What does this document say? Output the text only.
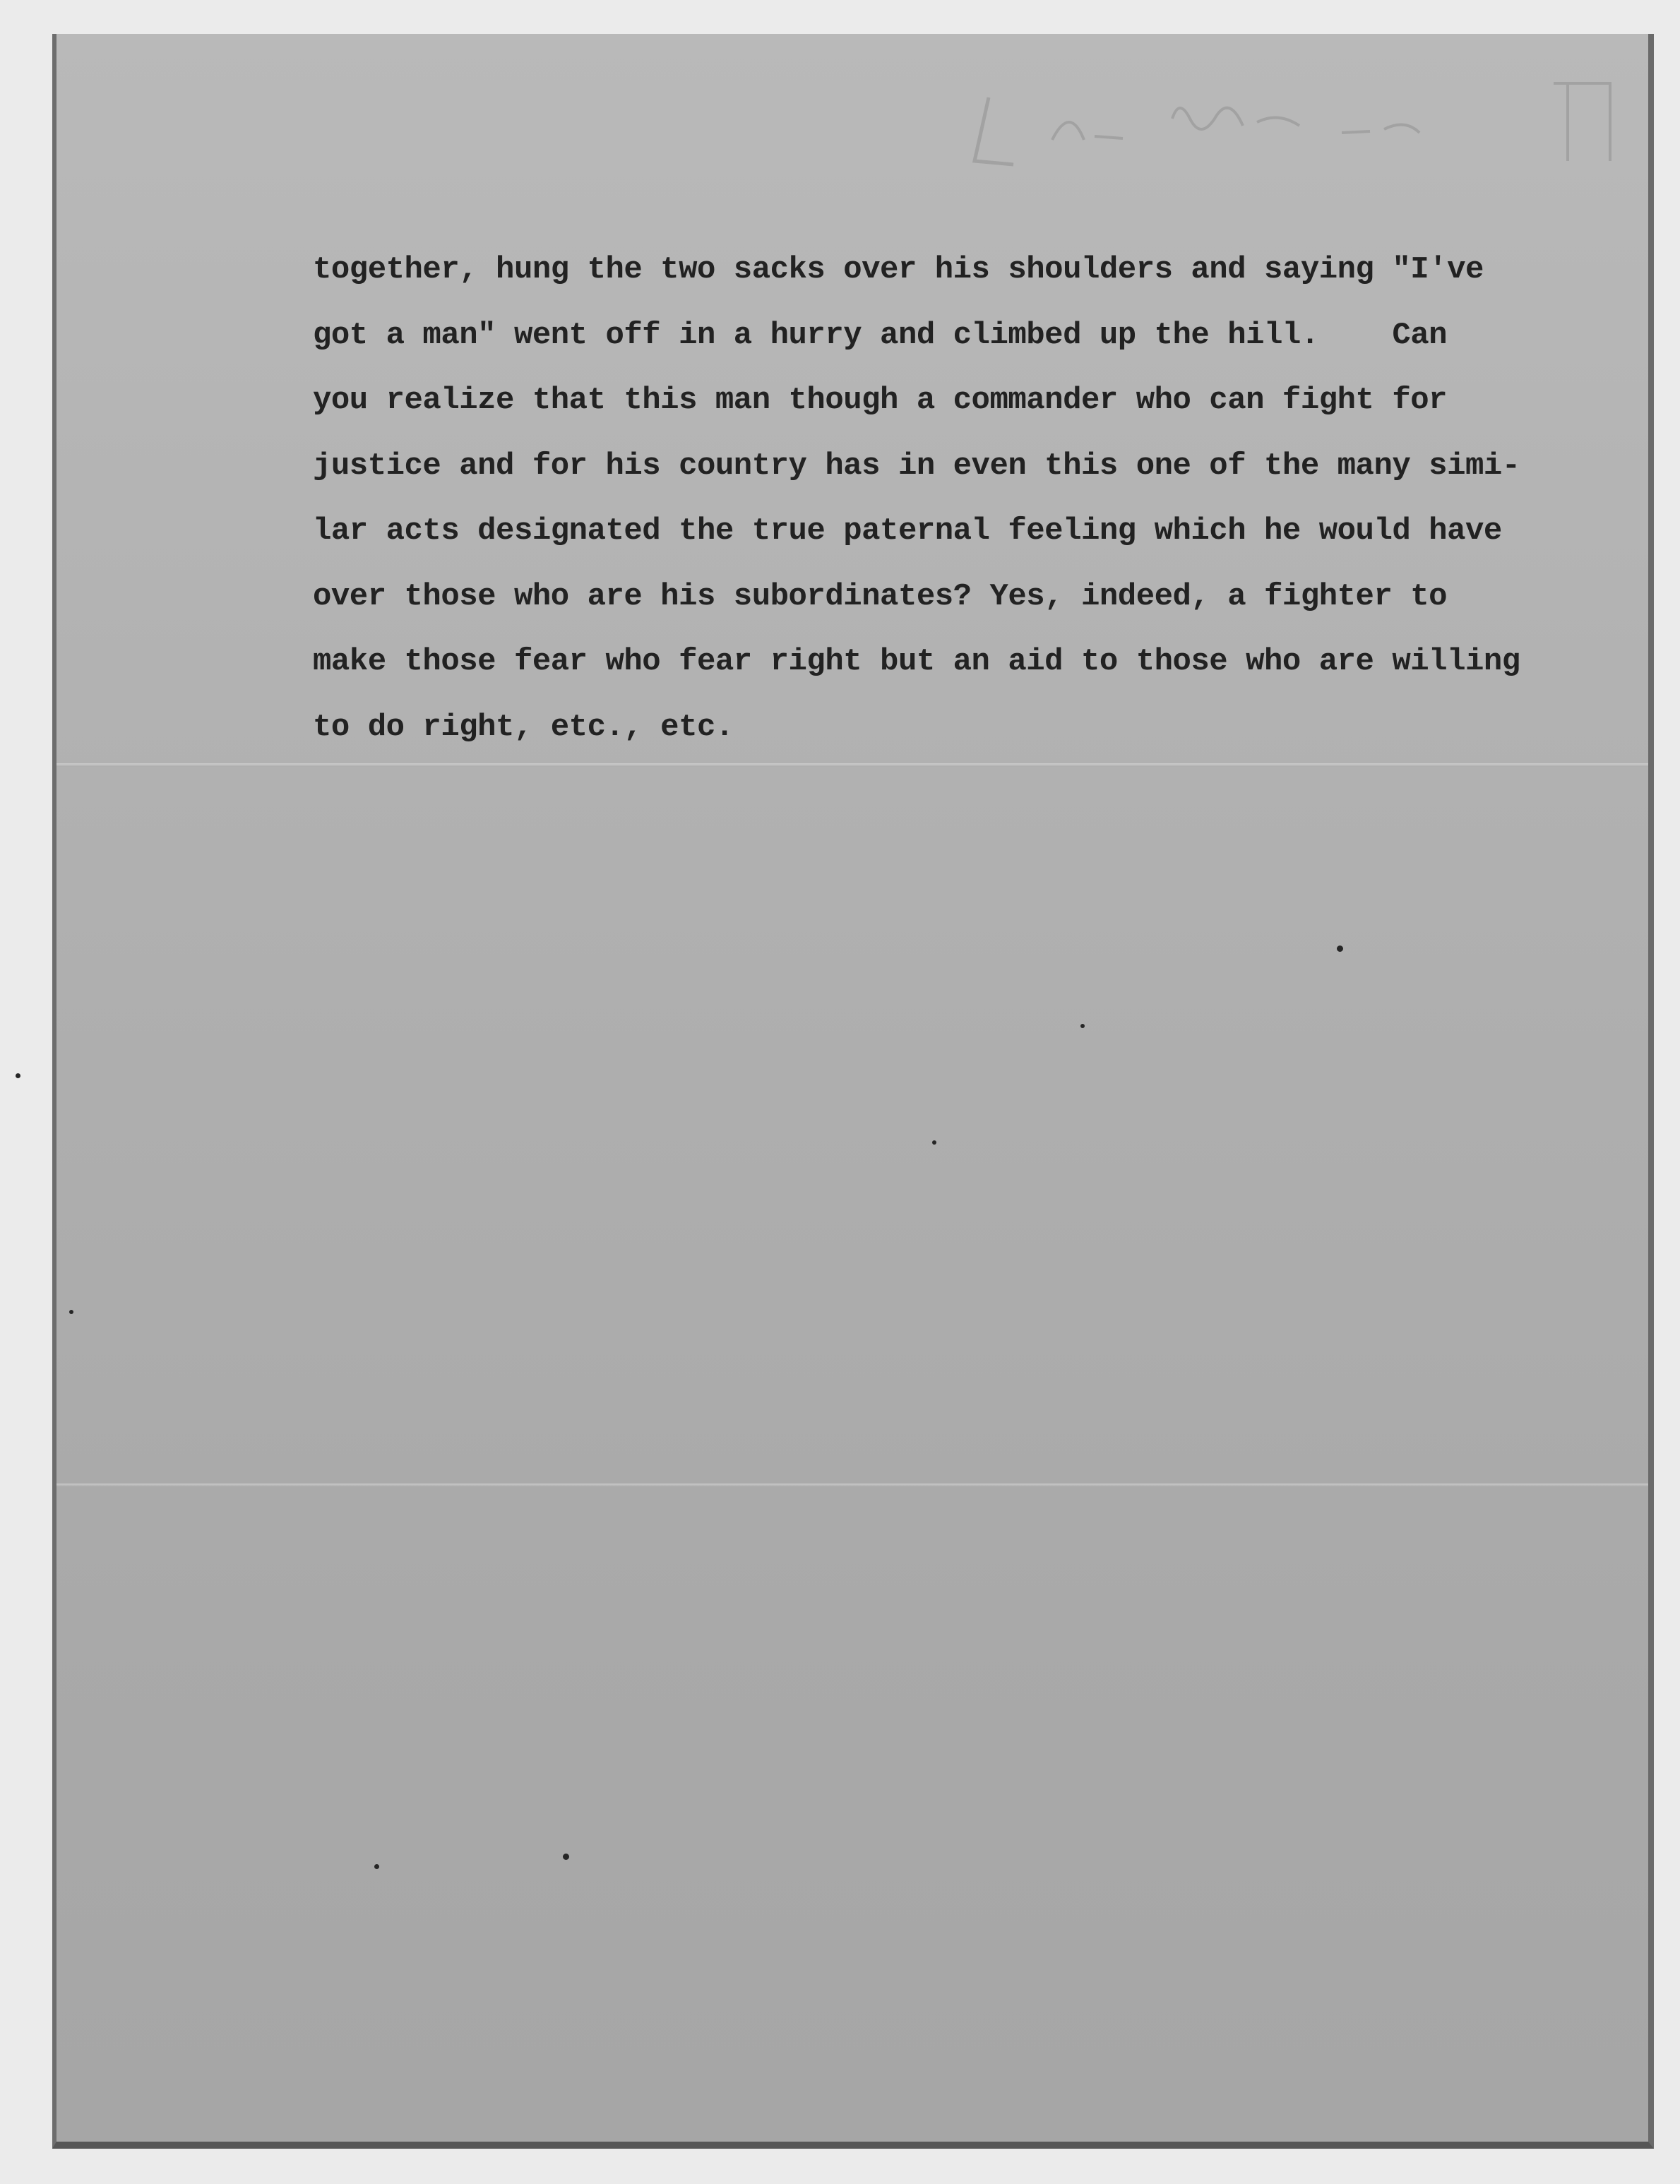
together, hung the two sacks over his shoulders and saying "I've
got a man" went off in a hurry and climbed up the hill.    Can
you realize that this man though a commander who can fight for
justice and for his country has in even this one of the many simi-
lar acts designated the true paternal feeling which he would have
over those who are his subordinates? Yes, indeed, a fighter to
make those fear who fear right but an aid to those who are willing
to do right, etc., etc.
